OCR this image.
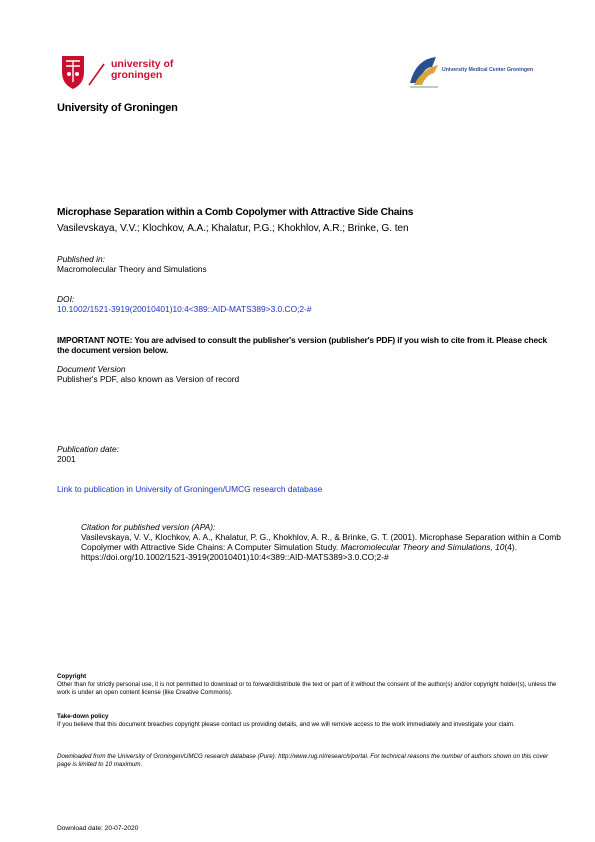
university of
groningen	University Medical Center Groningen
University of Groningen
Microphase Separation within a Comb Copolymer with Attractive Side Chains
Vasilevskaya, V.V.; Klochkov, A.A.; Khalatur, P.G.; Khokhlov, A.R.; Brinke, G. ten
Published in:
Macromolecular Theory and Simulations
DOI:
10.1002/1521-3919(20010401)10:4<389::AID-MATS389>3.0.CO;2-#
IMPORTANT NOTE: You are advised to consult the publisher's version (publisher's PDF) if you wish to cite from it. Please check the document version below.
Document Version
Publisher's PDF, also known as Version of record
Publication date:
2001
Link to publication in University of Groningen/UMCG research database
Citation for published version (APA):
Vasilevskaya, V. V., Klochkov, A. A., Khalatur, P. G., Khokhlov, A. R., & Brinke, G. T. (2001). Microphase Separation within a Comb Copolymer with Attractive Side Chains: A Computer Simulation Study. Macromolecular Theory and Simulations, 10(4). https://doi.org/10.1002/1521-3919(20010401)10:4<389::AID-MATS389>3.0.CO;2-#
Copyright
Other than for strictly personal use, it is not permitted to download or to forward/distribute the text or part of it without the consent of the author(s) and/or copyright holder(s), unless the work is under an open content license (like Creative Commons).
Take-down policy
If you believe that this document breaches copyright please contact us providing details, and we will remove access to the work immediately and investigate your claim.
Downloaded from the University of Groningen/UMCG research database (Pure): http://www.rug.nl/research/portal. For technical reasons the number of authors shown on this cover page is limited to 10 maximum.
Download date: 20-07-2020
